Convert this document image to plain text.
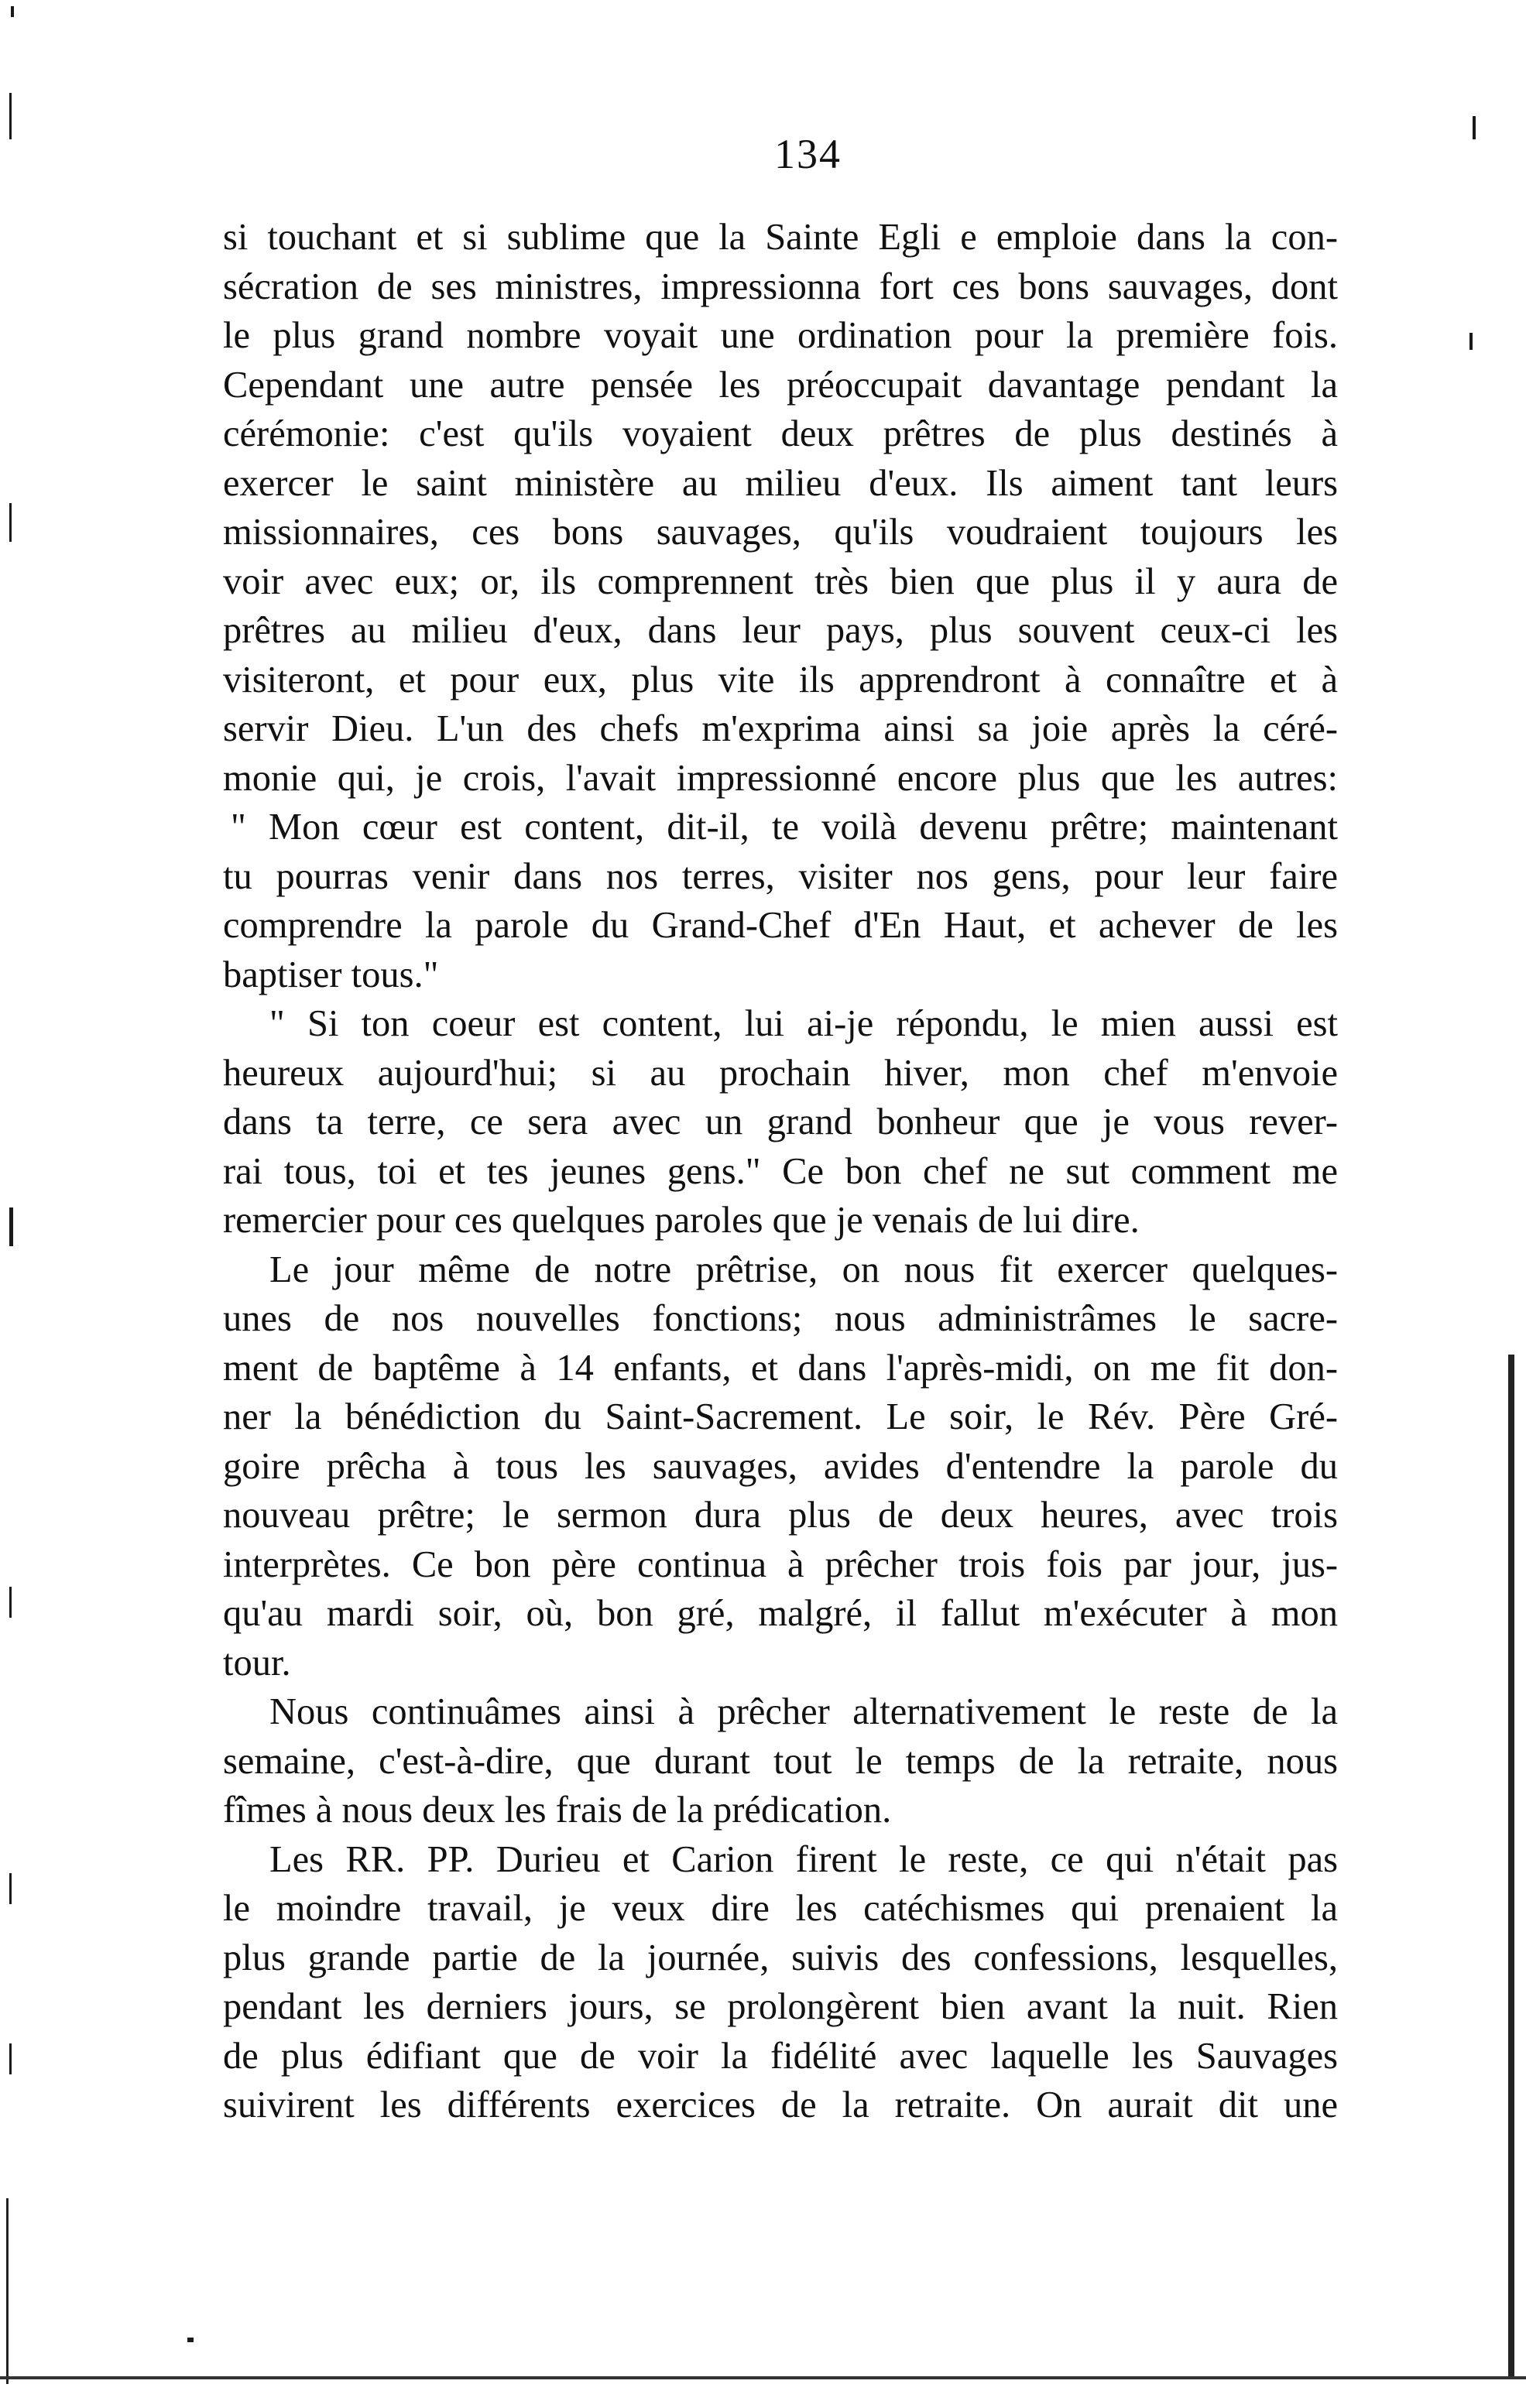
134
si touchant et si sublime que la Sainte Egli e emploie dans la con-
sécration de ses ministres, impressionna fort ces bons sauvages, dont
le plus grand nombre voyait une ordination pour la première fois.
Cependant une autre pensée les préoccupait davantage pendant la
cérémonie: c'est qu'ils voyaient deux prêtres de plus destinés à
exercer le saint ministère au milieu d'eux. Ils aiment tant leurs
missionnaires, ces bons sauvages, qu'ils voudraient toujours les
voir avec eux; or, ils comprennent très bien que plus il y aura de
prêtres au milieu d'eux, dans leur pays, plus souvent ceux-ci les
visiteront, et pour eux, plus vite ils apprendront à connaître et à
servir Dieu. L'un des chefs m'exprima ainsi sa joie après la céré-
monie qui, je crois, l'avait impressionné encore plus que les autres:
" Mon cœur est content, dit-il, te voilà devenu prêtre; maintenant
tu pourras venir dans nos terres, visiter nos gens, pour leur faire
comprendre la parole du Grand-Chef d'En Haut, et achever de les
baptiser tous."
" Si ton coeur est content, lui ai-je répondu, le mien aussi est
heureux aujourd'hui; si au prochain hiver, mon chef m'envoie
dans ta terre, ce sera avec un grand bonheur que je vous rever-
rai tous, toi et tes jeunes gens." Ce bon chef ne sut comment me
remercier pour ces quelques paroles que je venais de lui dire.
Le jour même de notre prêtrise, on nous fit exercer quelques-
unes de nos nouvelles fonctions; nous administrâmes le sacre-
ment de baptême à 14 enfants, et dans l'après-midi, on me fit don-
ner la bénédiction du Saint-Sacrement. Le soir, le Rév. Père Gré-
goire prêcha à tous les sauvages, avides d'entendre la parole du
nouveau prêtre; le sermon dura plus de deux heures, avec trois
interprètes. Ce bon père continua à prêcher trois fois par jour, jus-
qu'au mardi soir, où, bon gré, malgré, il fallut m'exécuter à mon
tour.
Nous continuâmes ainsi à prêcher alternativement le reste de la
semaine, c'est-à-dire, que durant tout le temps de la retraite, nous
fîmes à nous deux les frais de la prédication.
Les RR. PP. Durieu et Carion firent le reste, ce qui n'était pas
le moindre travail, je veux dire les catéchismes qui prenaient la
plus grande partie de la journée, suivis des confessions, lesquelles,
pendant les derniers jours, se prolongèrent bien avant la nuit. Rien
de plus édifiant que de voir la fidélité avec laquelle les Sauvages
suivirent les différents exercices de la retraite. On aurait dit une
